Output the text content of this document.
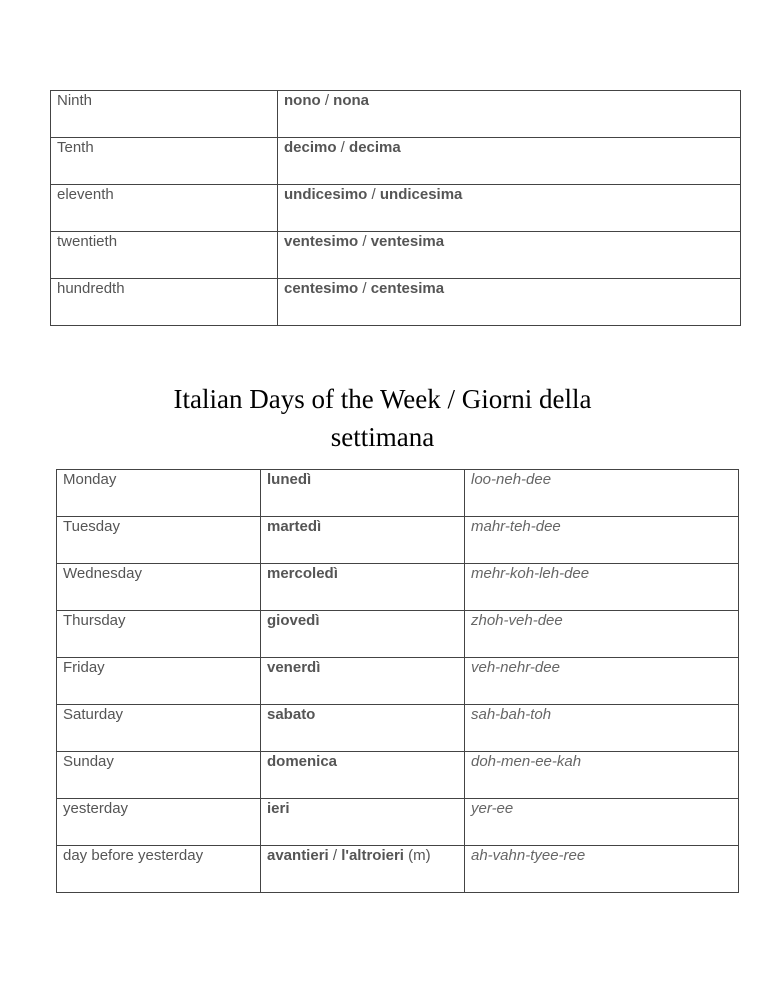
Ninth	nono / nona
Tenth	decimo / decima
eleventh	undicesimo / undicesima
twentieth	ventesimo / ventesima
hundredth	centesimo / centesima
Italian Days of the Week / Giorni della
settimana
Monday	lunedì	loo-neh-dee
Tuesday	martedì	mahr-teh-dee
Wednesday	mercoledì	mehr-koh-leh-dee
Thursday	giovedì	zhoh-veh-dee
Friday	venerdì	veh-nehr-dee
Saturday	sabato	sah-bah-toh
Sunday	domenica	doh-men-ee-kah
yesterday	ieri	yer-ee
day before yesterday	avantieri / l'altroieri (m)	ah-vahn-tyee-ree
